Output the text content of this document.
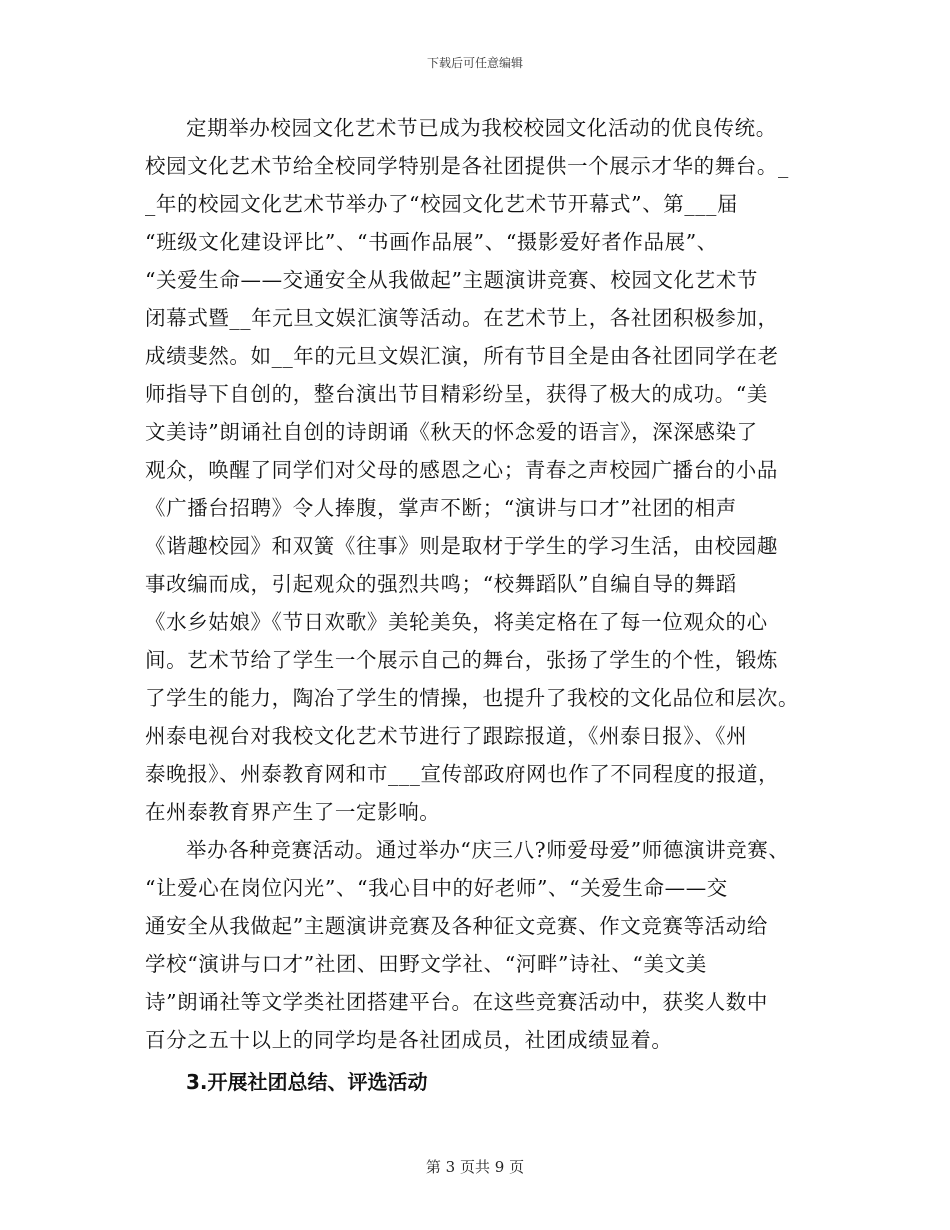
下载后可任意编辑
定期举办校园文化艺术节已成为我校校园文化活动的优良传统。
校园文化艺术节给全校同学特别是各社团提供一个展示才华的舞台。_
_年的校园文化艺术节举办了“校园文化艺术节开幕式”、第___届
“班级文化建设评比”、“书画作品展”、“摄影爱好者作品展”、
“关爱生命——交通安全从我做起”主题演讲竞赛、校园文化艺术节
闭幕式暨__年元旦文娱汇演等活动。在艺术节上，各社团积极参加，
成绩斐然。如__年的元旦文娱汇演，所有节目全是由各社团同学在老
师指导下自创的，整台演出节目精彩纷呈，获得了极大的成功。“美
文美诗”朗诵社自创的诗朗诵《秋天的怀念爱的语言》，深深感染了
观众，唤醒了同学们对父母的感恩之心；青春之声校园广播台的小品
《广播台招聘》令人捧腹，掌声不断；“演讲与口才”社团的相声
《谐趣校园》和双簧《往事》则是取材于学生的学习生活，由校园趣
事改编而成，引起观众的强烈共鸣；“校舞蹈队”自编自导的舞蹈
《水乡姑娘》《节日欢歌》美轮美奂，将美定格在了每一位观众的心
间。艺术节给了学生一个展示自己的舞台，张扬了学生的个性，锻炼
了学生的能力，陶冶了学生的情操，也提升了我校的文化品位和层次。
州泰电视台对我校文化艺术节进行了跟踪报道，《州泰日报》、《州
泰晚报》、州泰教育网和市___宣传部政府网也作了不同程度的报道，
在州泰教育界产生了一定影响。
举办各种竞赛活动。通过举办“庆三八?师爱母爱”师德演讲竞赛、
“让爱心在岗位闪光”、“我心目中的好老师”、“关爱生命——交
通安全从我做起”主题演讲竞赛及各种征文竞赛、作文竞赛等活动给
学校“演讲与口才”社团、田野文学社、“河畔”诗社、“美文美
诗”朗诵社等文学类社团搭建平台。在这些竞赛活动中，获奖人数中
百分之五十以上的同学均是各社团成员，社团成绩显着。
3.开展社团总结、评选活动
第 3 页共 9 页
